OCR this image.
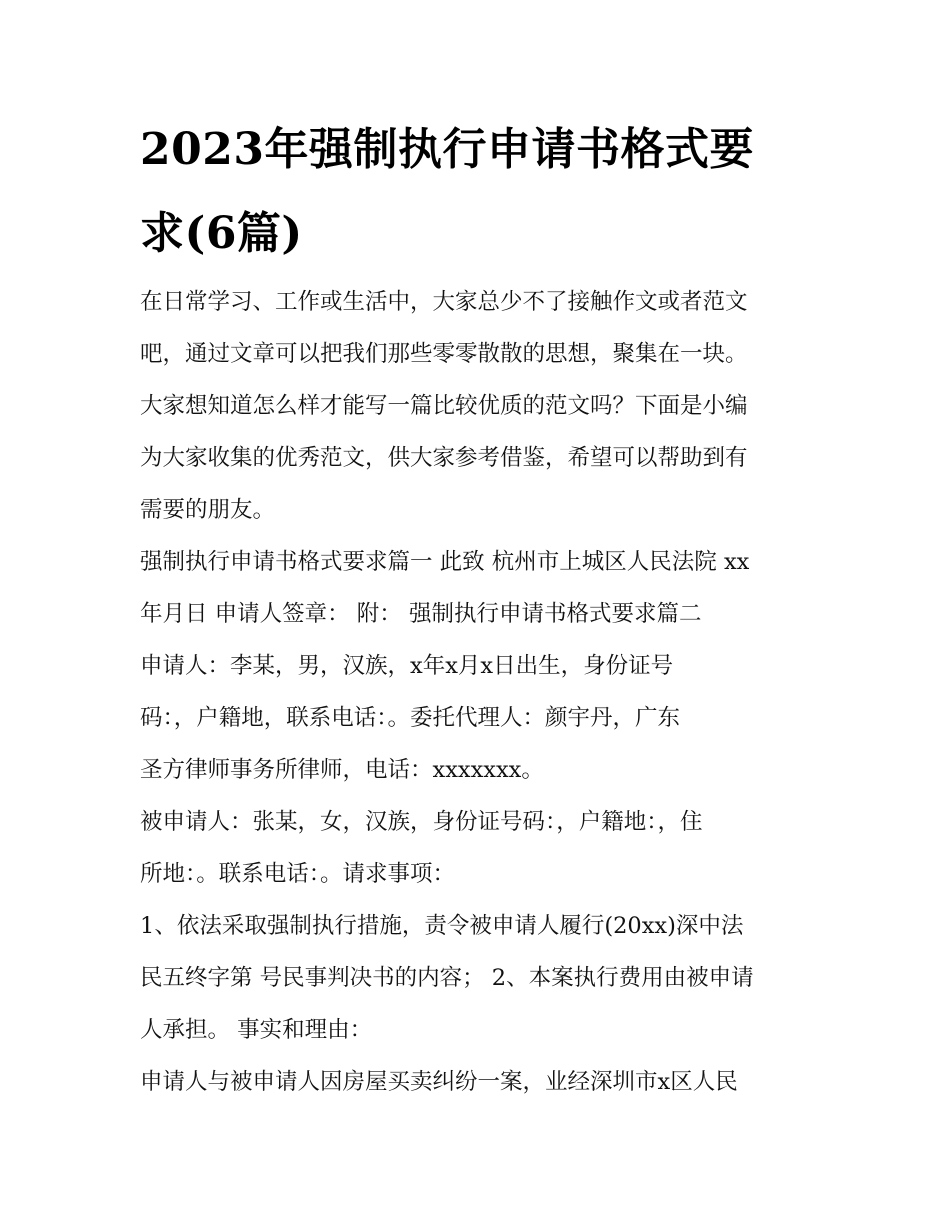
2023年强制执行申请书格式要
求(6篇)
在日常学习、工作或生活中，大家总少不了接触作文或者范文
吧，通过文章可以把我们那些零零散散的思想，聚集在一块。
大家想知道怎么样才能写一篇比较优质的范文吗？下面是小编
为大家收集的优秀范文，供大家参考借鉴，希望可以帮助到有
需要的朋友。
强制执行申请书格式要求篇一 此致 杭州市上城区人民法院 xx
年月日 申请人签章： 附： 强制执行申请书格式要求篇二
申请人：李某，男，汉族，x年x月x日出生，身份证号
码：，户籍地，联系电话：。委托代理人：颜宇丹，广东
圣方律师事务所律师，电话：xxxxxxx。
被申请人：张某，女，汉族，身份证号码：，户籍地：，住
所地：。联系电话：。请求事项：
1、依法采取强制执行措施，责令被申请人履行(20xx)深中法
民五终字第 号民事判决书的内容； 2、本案执行费用由被申请
人承担。 事实和理由：
申请人与被申请人因房屋买卖纠纷一案，业经深圳市x区人民
